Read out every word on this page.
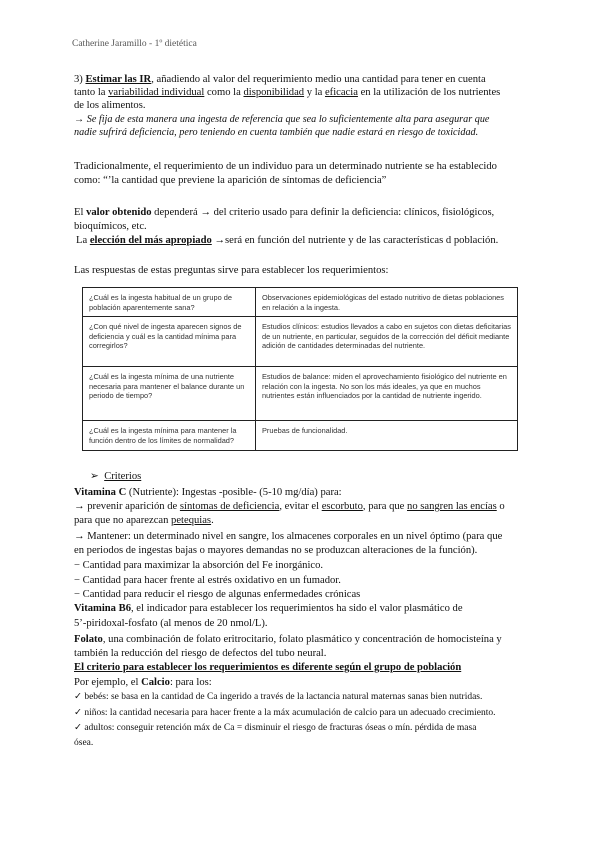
Catherine Jaramillo - 1º dietética
3) Estimar las IR, añadiendo al valor del requerimiento medio una cantidad para tener en cuenta
tanto la variabilidad individual como la disponibilidad y la eficacia en la utilización de los nutrientes
de los alimentos.
→ Se fija de esta manera una ingesta de referencia que sea lo suficientemente alta para asegurar que
nadie sufrirá deficiencia, pero teniendo en cuenta también que nadie estará en riesgo de toxicidad.
Tradicionalmente, el requerimiento de un individuo para un determinado nutriente se ha establecido
como: “’la cantidad que previene la aparición de síntomas de deficiencia”
El valor obtenido dependerá → del criterio usado para definir la deficiencia: clínicos, fisiológicos,
bioquímicos, etc.
La elección del más apropiado →será en función del nutriente y de las características d población.
Las respuestas de estas preguntas sirve para establecer los requerimientos:
¿Cuál es la ingesta habitual de un grupo de población aparentemente sana?	Observaciones epidemiológicas del estado nutritivo de dietas poblaciones en relación a la ingesta.
¿Con qué nivel de ingesta aparecen signos de deficiencia y cuál es la cantidad mínima para corregirlos?	Estudios clínicos: estudios llevados a cabo en sujetos con dietas deficitarias de un nutriente, en particular, seguidos de la corrección del déficit mediante adición de cantidades determinadas del nutriente.
¿Cuál es la ingesta mínima de una nutriente necesaria para mantener el balance durante un periodo de tiempo?	Estudios de balance: miden el aprovechamiento fisiológico del nutriente en relación con la ingesta. No son los más ideales, ya que en muchos nutrientes están influenciados por la cantidad de nutriente ingerido.
¿Cuál es la ingesta mínima para mantener la función dentro de los límites de normalidad?	Pruebas de funcionalidad.
➢ Criterios
Vitamina C (Nutriente): Ingestas -posible- (5-10 mg/día) para:
→ prevenir aparición de síntomas de deficiencia, evitar el escorbuto, para que no sangren las encías o
para que no aparezcan petequias.
→ Mantener: un determinado nivel en sangre, los almacenes corporales en un nivel óptimo (para que
en periodos de ingestas bajas o mayores demandas no se produzcan alteraciones de la función).
− Cantidad para maximizar la absorción del Fe inorgánico.
− Cantidad para hacer frente al estrés oxidativo en un fumador.
− Cantidad para reducir el riesgo de algunas enfermedades crónicas
Vitamina B6, el indicador para establecer los requerimientos ha sido el valor plasmático de
5’-piridoxal-fosfato (al menos de 20 nmol/L).
Folato, una combinación de folato eritrocitario, folato plasmático y concentración de homocisteína y
también la reducción del riesgo de defectos del tubo neural.
El criterio para establecer los requerimientos es diferente según el grupo de población
Por ejemplo, el Calcio: para los:
✓ bebés: se basa en la cantidad de Ca ingerido a través de la lactancia natural maternas sanas bien nutridas.
✓ niños: la cantidad necesaria para hacer frente a la máx acumulación de calcio para un adecuado crecimiento.
✓ adultos: conseguir retención máx de Ca = disminuir el riesgo de fracturas óseas o mín. pérdida de masa
ósea.
